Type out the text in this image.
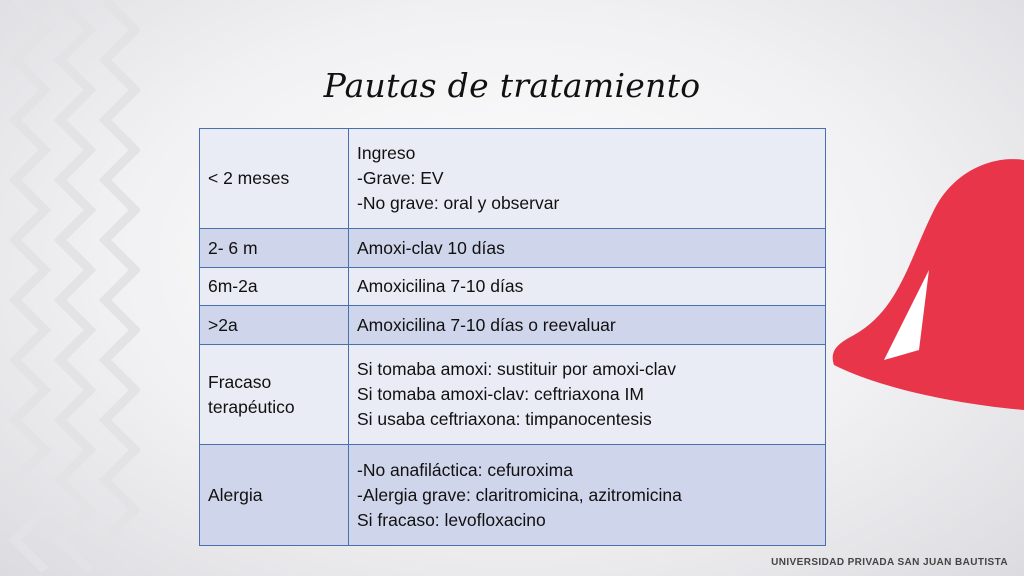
Pautas de tratamiento
< 2 meses	Ingreso
-Grave: EV
-No grave: oral y observar

2- 6 m	Amoxi-clav 10 días

6m-2a	Amoxicilina 7-10 días

>2a	Amoxicilina 7-10 días o reevaluar

Fracaso
terapéutico	Si tomaba amoxi: sustituir por amoxi-clav
Si tomaba amoxi-clav: ceftriaxona IM
Si usaba ceftriaxona: timpanocentesis

Alergia	-No anafiláctica: cefuroxima
-Alergia grave: claritromicina, azitromicina
Si fracaso: levofloxacino
UNIVERSIDAD PRIVADA SAN JUAN BAUTISTA
